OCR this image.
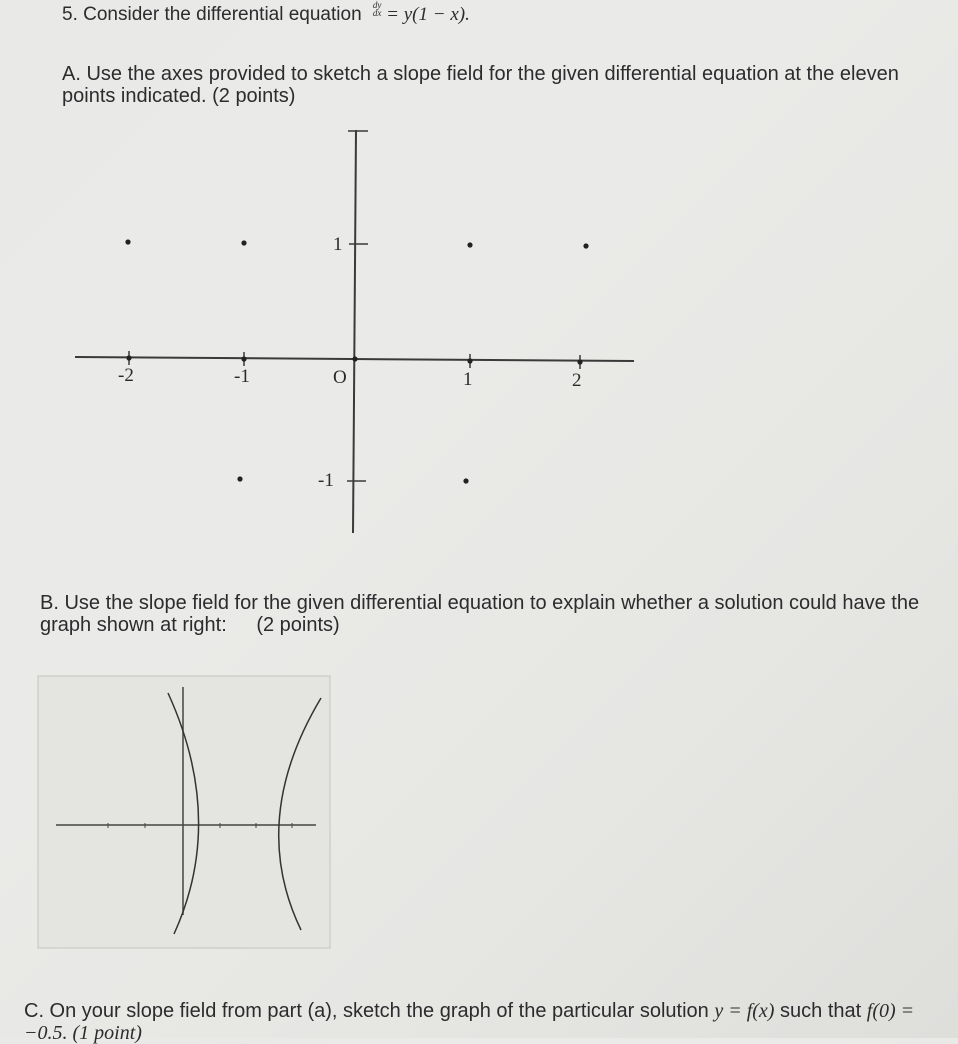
5. Consider the differential equation dy
dx = y(1 − x).
A. Use the axes provided to sketch a slope field for the given differential equation at the eleven points indicated. (2 points)
-2	-1	O	1	2
1
-1
B. Use the slope field for the given differential equation to explain whether a solution could have the graph shown at right: (2 points)
C. On your slope field from part (a), sketch the graph of the particular solution y = f(x) such that f(0) = −0.5. (1 point)
